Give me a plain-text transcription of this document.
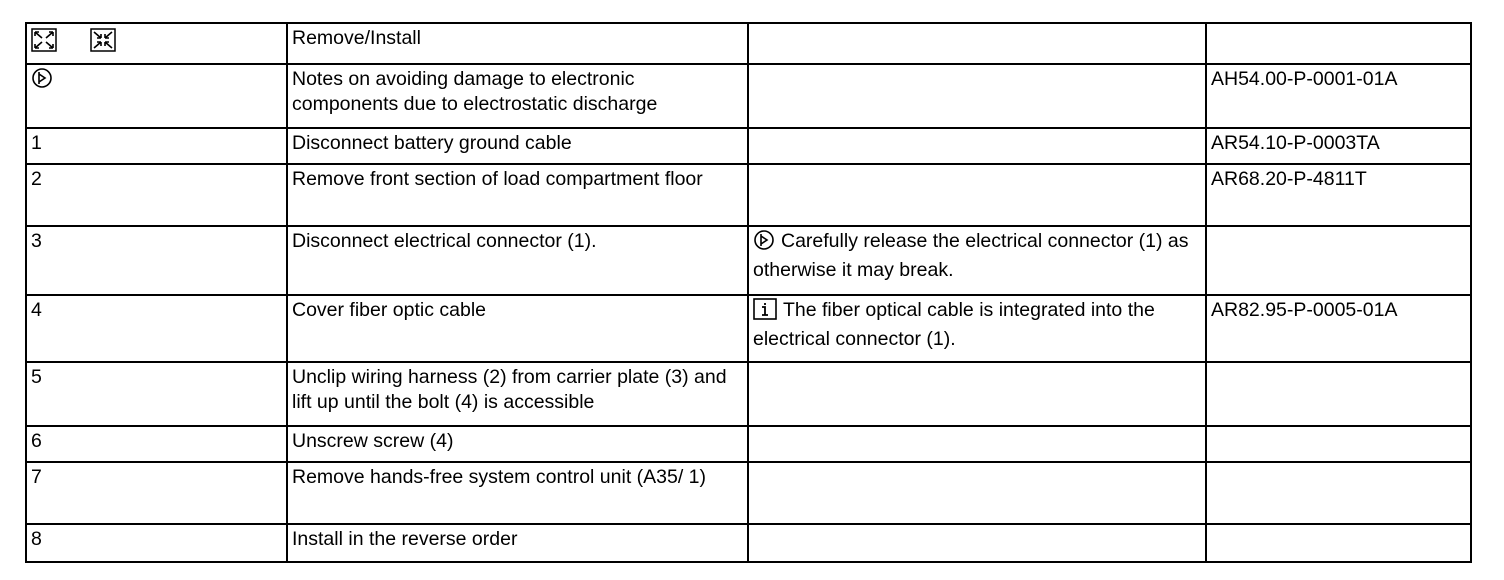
	Remove/Install		
	Notes on avoiding damage to electronic components due to electrostatic discharge		AH54.00-P-0001-01A
1	Disconnect battery ground cable		AR54.10-P-0003TA
2	Remove front section of load compartment floor		AR68.20-P-4811T
3	Disconnect electrical connector (1).	Carefully release the electrical connector (1) as otherwise it may break.	
4	Cover fiber optic cable	The fiber optical cable is integrated into the electrical connector (1).	AR82.95-P-0005-01A
5	Unclip wiring harness (2) from carrier plate (3) and lift up until the bolt (4) is accessible		
6	Unscrew screw (4)		
7	Remove hands-free system control unit (A35/ 1)		
8	Install in the reverse order		
